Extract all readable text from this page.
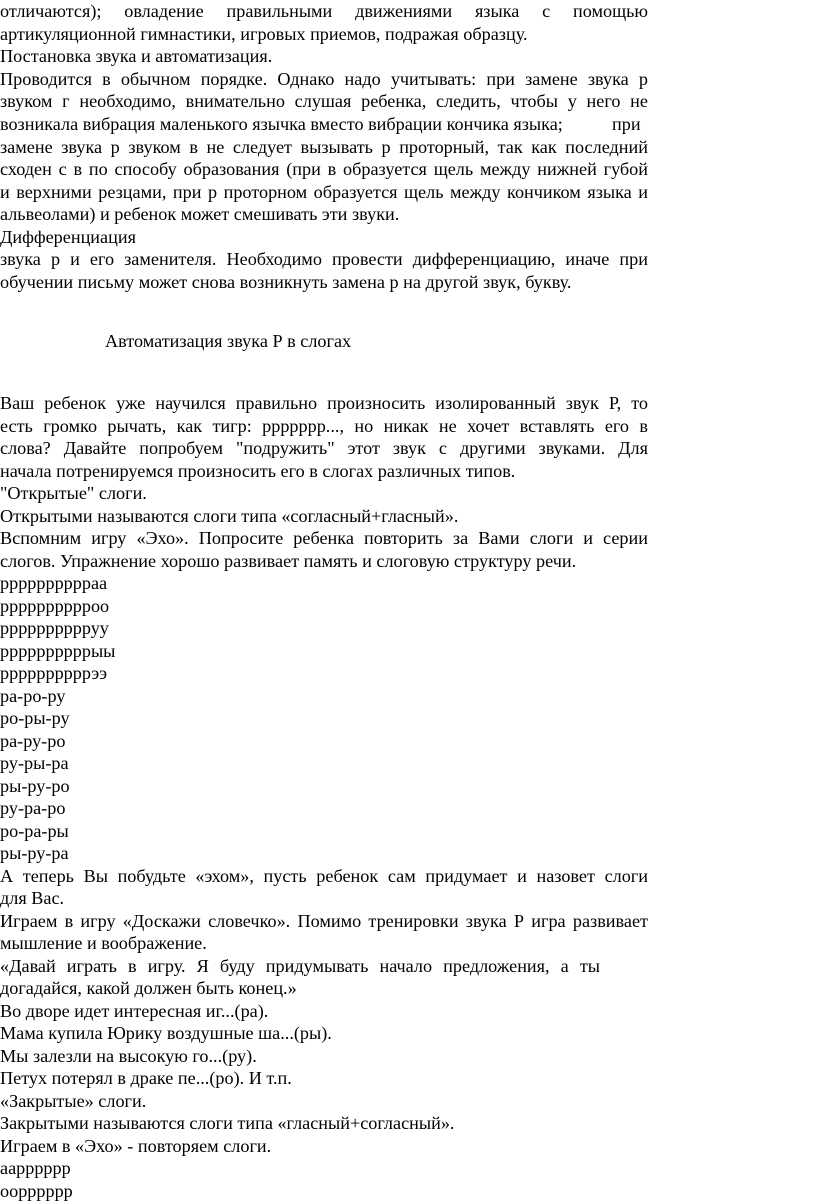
отличаются); овладение правильными движениями языка с помощью
артикуляционной гимнастики, игровых приемов, подражая образцу.
Постановка звука и автоматизация.
Проводится в обычном порядке. Однако надо учитывать: при замене звука р
звуком г необходимо, внимательно слушая ребенка, следить, чтобы у него не
возникала вибрация маленького язычка вместо вибрации кончика языка;	при
замене звука р звуком в не следует вызывать р проторный, так как последний
сходен с в по способу образования (при в образуется щель между нижней губой
и верхними резцами, при р проторном образуется щель между кончиком языка и
альвеолами) и ребенок может смешивать эти звуки.
Дифференциация
звука р и его заменителя. Необходимо провести дифференциацию, иначе при
обучении письму может снова возникнуть замена р на другой звук, букву.
Автоматизация звука Р в слогах
Ваш ребенок уже научился правильно произносить изолированный звук Р, то
есть громко рычать, как тигр: ррррррр..., но никак не хочет вставлять его в
слова? Давайте попробуем "подружить" этот звук с другими звуками. Для
начала потренируемся произносить его в слогах различных типов.
"Открытые" слоги.
Открытыми называются слоги типа «согласный+гласный».
Вспомним игру «Эхо». Попросите ребенка повторить за Вами слоги и серии
слогов. Упражнение хорошо развивает память и слоговую структуру речи.
рррррррррраа
рррррррррроо
рррррррррруу
ррррррррррыы
ррррррррррээ
ра-ро-ру
ро-ры-ру
ра-ру-ро
ру-ры-ра
ры-ру-ро
ру-ра-ро
ро-ра-ры
ры-ру-ра
А теперь Вы побудьте «эхом», пусть ребенок сам придумает и назовет слоги
для Вас.
Играем в игру «Доскажи словечко». Помимо тренировки звука Р игра развивает
мышление и воображение.
«Давай играть в игру. Я буду придумывать начало предложения, а ты
догадайся, какой должен быть конец.»
Во дворе идет интересная иг...(ра).
Мама купила Юрику воздушные ша...(ры).
Мы залезли на высокую го...(ру).
Петух потерял в драке пе...(ро). И т.п.
«Закрытые» слоги.
Закрытыми называются слоги типа «гласный+согласный».
Играем в «Эхо» - повторяем слоги.
аарррррр
оорррррр
